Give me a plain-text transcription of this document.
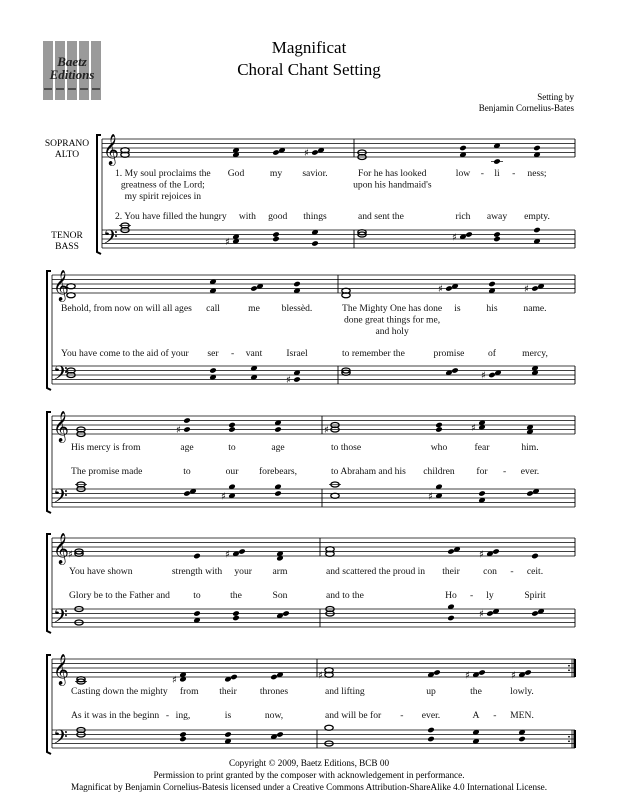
Baetz
Editions
Magnificat
Choral Chant Setting
Setting by
Benjamin Cornelius-Bates
SOPRANO
ALTO
TENOR
BASS
1. My soul proclaims the
greatness of the Lord;
my spirit rejoices in
2. You have filled the hungry
God
with
my
good
savior.
things
For he has looked
upon his handmaid's
and sent the
low -
rich
li -
away
ness;
empty.
𝄞
𝄢	♯
♯
♯
Behold, from now on will all ages
You have come to the aid of your
call
ser -
me
vant
blessèd.
Israel
The Mighty One has done
done great things for me,
and holy
to remember the
is
promise
his
of
name.
mercy,
𝄞
𝄢	♯
♯
♯
♯
His mercy is from
The promise made
age
to
to
our
age
forebears,
to those
to Abraham and his
who
children
fear
for -
him.
ever.
𝄞
𝄢
♯
♯
♯
♯
♯
You have shown
Glory be to the Father and
strength with
to
your
the
arm
Son
and scattered the proud in
and to the
their
Ho -
con -
ly
ceit.
Spirit
𝄞
𝄢
♯	♯	♯
♯
Casting down the mighty
As it was in the beginn -
from
ing,
their
is
thrones
now,
and lifting
and will be for -
up
ever.
the
A -
lowly.
MEN.
𝄞
𝄢
♯	♯	♯	♯
Copyright © 2009, Baetz Editions, BCB 00
Permission to print granted by the composer with acknowledgement in performance.
Magnificat by Benjamin Cornelius-Batesis licensed under a Creative Commons Attribution-ShareAlike 4.0 International License.
